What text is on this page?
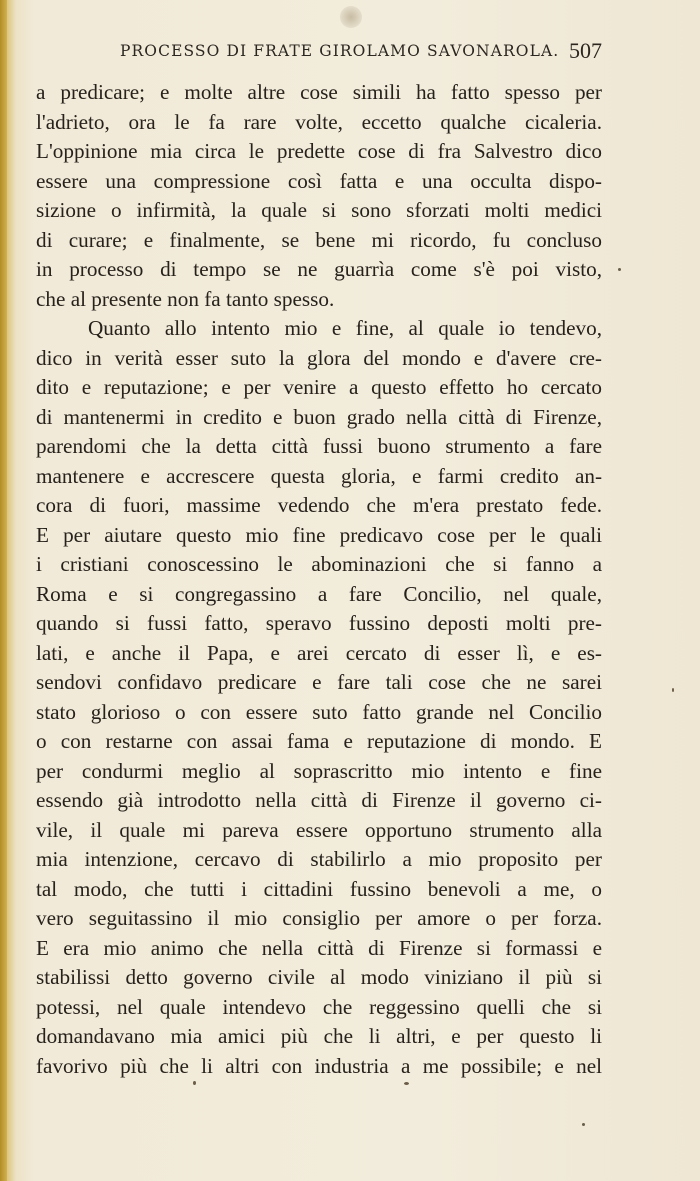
PROCESSO DI FRATE GIROLAMO SAVONAROLA. 507
a predicare; e molte altre cose simili ha fatto spesso per
l'adrieto, ora le fa rare volte, eccetto qualche cicaleria.
L'oppinione mia circa le predette cose di fra Salvestro dico
essere una compressione così fatta e una occulta dispo-
sizione o infirmità, la quale si sono sforzati molti medici
di curare; e finalmente, se bene mi ricordo, fu concluso
in processo di tempo se ne guarrìa come s'è poi visto,
che al presente non fa tanto spesso.
Quanto allo intento mio e fine, al quale io tendevo,
dico in verità esser suto la glora del mondo e d'avere cre-
dito e reputazione; e per venire a questo effetto ho cercato
di mantenermi in credito e buon grado nella città di Firenze,
parendomi che la detta città fussi buono strumento a fare
mantenere e accrescere questa gloria, e farmi credito an-
cora di fuori, massime vedendo che m'era prestato fede.
E per aiutare questo mio fine predicavo cose per le quali
i cristiani conoscessino le abominazioni che si fanno a
Roma e si congregassino a fare Concilio, nel quale,
quando si fussi fatto, speravo fussino deposti molti pre-
lati, e anche il Papa, e arei cercato di esser lì, e es-
sendovi confidavo predicare e fare tali cose che ne sarei
stato glorioso o con essere suto fatto grande nel Concilio
o con restarne con assai fama e reputazione di mondo. E
per condurmi meglio al soprascritto mio intento e fine
essendo già introdotto nella città di Firenze il governo ci-
vile, il quale mi pareva essere opportuno strumento alla
mia intenzione, cercavo di stabilirlo a mio proposito per
tal modo, che tutti i cittadini fussino benevoli a me, o
vero seguitassino il mio consiglio per amore o per forza.
E era mio animo che nella città di Firenze si formassi e
stabilissi detto governo civile al modo viniziano il più si
potessi, nel quale intendevo che reggessino quelli che si
domandavano mia amici più che li altri, e per questo li
favorivo più che li altri con industria a me possibile; e nel
